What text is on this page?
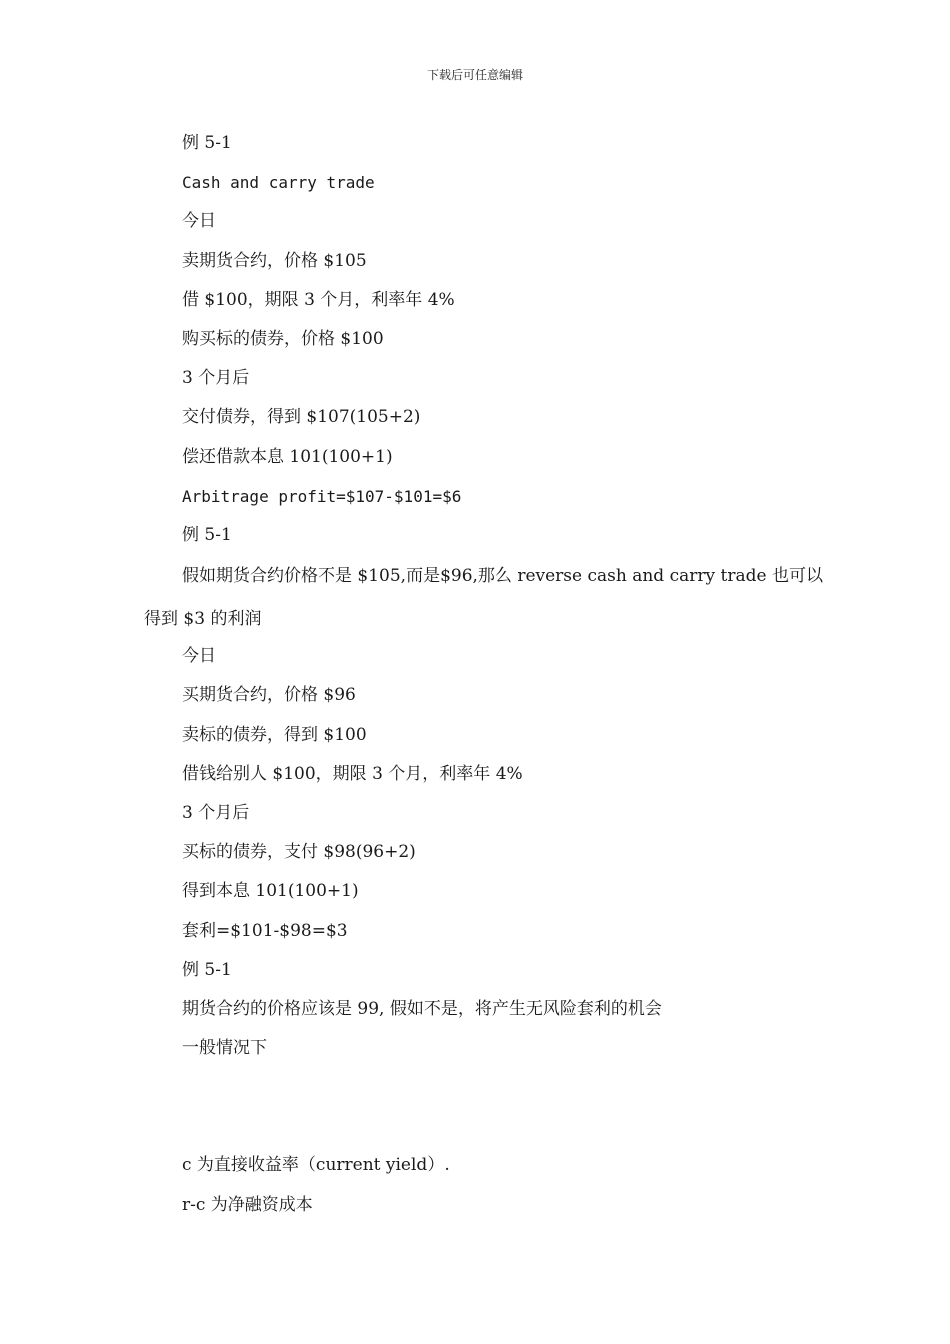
下载后可任意编辑
例 5-1
Cash and carry trade
今日
卖期货合约，价格 $105
借 $100，期限 3 个月，利率年 4%
购买标的债券，价格 $100
3 个月后
交付债券，得到 $107(105+2)
偿还借款本息 101(100+1)
Arbitrage profit=$107-$101=$6
例 5-1
假如期货合约价格不是 $105,而是$96,那么 reverse cash and carry trade 也可以得到 $3 的利润
今日
买期货合约，价格 $96
卖标的债券，得到 $100
借钱给别人 $100，期限 3 个月，利率年 4%
3 个月后
买标的债券，支付 $98(96+2)
得到本息 101(100+1)
套利=$101-$98=$3
例 5-1
期货合约的价格应该是 99, 假如不是，将产生无风险套利的机会
一般情况下
c 为直接收益率（current yield）.
r-c 为净融资成本
